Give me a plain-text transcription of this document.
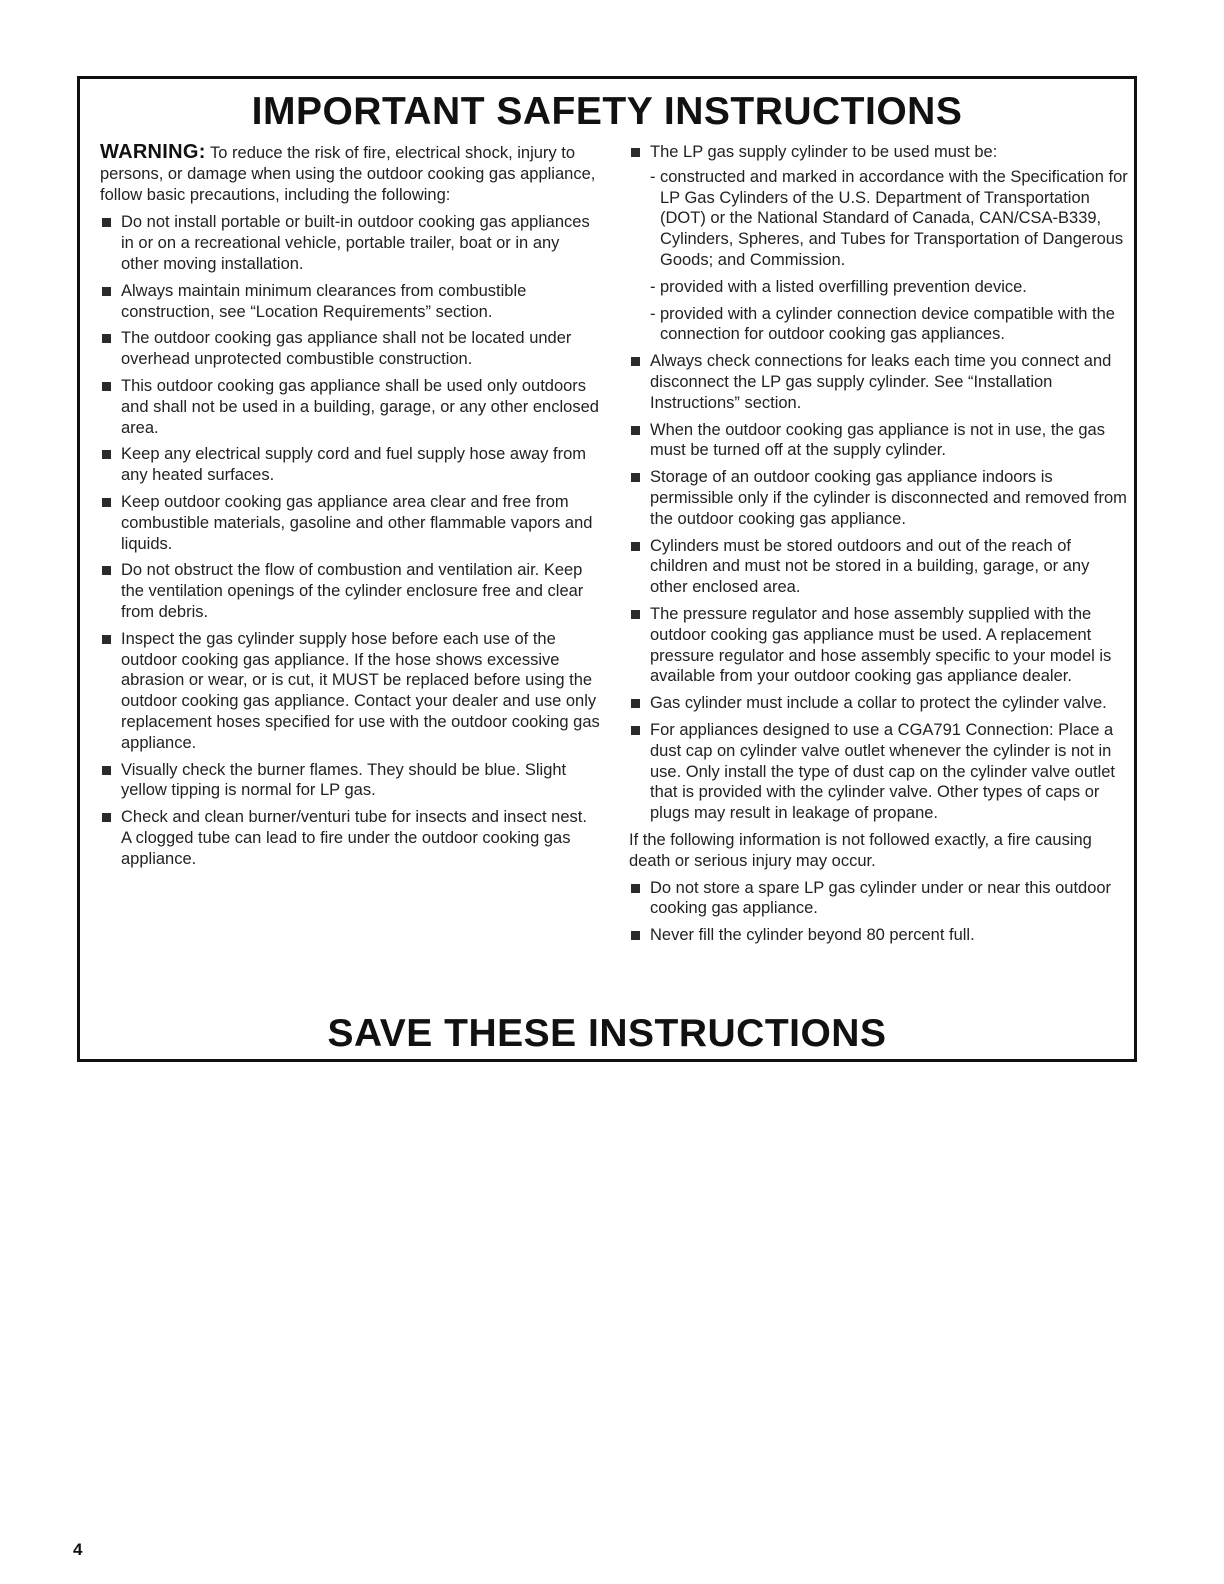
IMPORTANT SAFETY INSTRUCTIONS

WARNING: To reduce the risk of fire, electrical shock, injury to persons, or damage when using the outdoor cooking gas appliance, follow basic precautions, including the following:

Do not install portable or built-in outdoor cooking gas appliances in or on a recreational vehicle, portable trailer, boat or in any other moving installation.
Always maintain minimum clearances from combustible construction, see “Location Requirements” section.
The outdoor cooking gas appliance shall not be located under overhead unprotected combustible construction.
This outdoor cooking gas appliance shall be used only outdoors and shall not be used in a building, garage, or any other enclosed area.
Keep any electrical supply cord and fuel supply hose away from any heated surfaces.
Keep outdoor cooking gas appliance area clear and free from combustible materials, gasoline and other flammable vapors and liquids.
Do not obstruct the flow of combustion and ventilation air. Keep the ventilation openings of the cylinder enclosure free and clear from debris.
Inspect the gas cylinder supply hose before each use of the outdoor cooking gas appliance. If the hose shows excessive abrasion or wear, or is cut, it MUST be replaced before using the outdoor cooking gas appliance. Contact your dealer and use only replacement hoses specified for use with the outdoor cooking gas appliance.
Visually check the burner flames. They should be blue. Slight yellow tipping is normal for LP gas.
Check and clean burner/venturi tube for insects and insect nest. A clogged tube can lead to fire under the outdoor cooking gas appliance.
The LP gas supply cylinder to be used must be:
- constructed and marked in accordance with the Specification for LP Gas Cylinders of the U.S. Department of Transportation (DOT) or the National Standard of Canada, CAN/CSA-B339, Cylinders, Spheres, and Tubes for Transportation of Dangerous Goods; and Commission.
- provided with a listed overfilling prevention device.
- provided with a cylinder connection device compatible with the connection for outdoor cooking gas appliances.
Always check connections for leaks each time you connect and disconnect the LP gas supply cylinder. See “Installation Instructions” section.
When the outdoor cooking gas appliance is not in use, the gas must be turned off at the supply cylinder.
Storage of an outdoor cooking gas appliance indoors is permissible only if the cylinder is disconnected and removed from the outdoor cooking gas appliance.
Cylinders must be stored outdoors and out of the reach of children and must not be stored in a building, garage, or any other enclosed area.
The pressure regulator and hose assembly supplied with the outdoor cooking gas appliance must be used. A replacement pressure regulator and hose assembly specific to your model is available from your outdoor cooking gas appliance dealer.
Gas cylinder must include a collar to protect the cylinder valve.
For appliances designed to use a CGA791 Connection: Place a dust cap on cylinder valve outlet whenever the cylinder is not in use. Only install the type of dust cap on the cylinder valve outlet that is provided with the cylinder valve. Other types of caps or plugs may result in leakage of propane.

If the following information is not followed exactly, a fire causing death or serious injury may occur.

Do not store a spare LP gas cylinder under or near this outdoor cooking gas appliance.
Never fill the cylinder beyond 80 percent full.
SAVE THESE INSTRUCTIONS
4
